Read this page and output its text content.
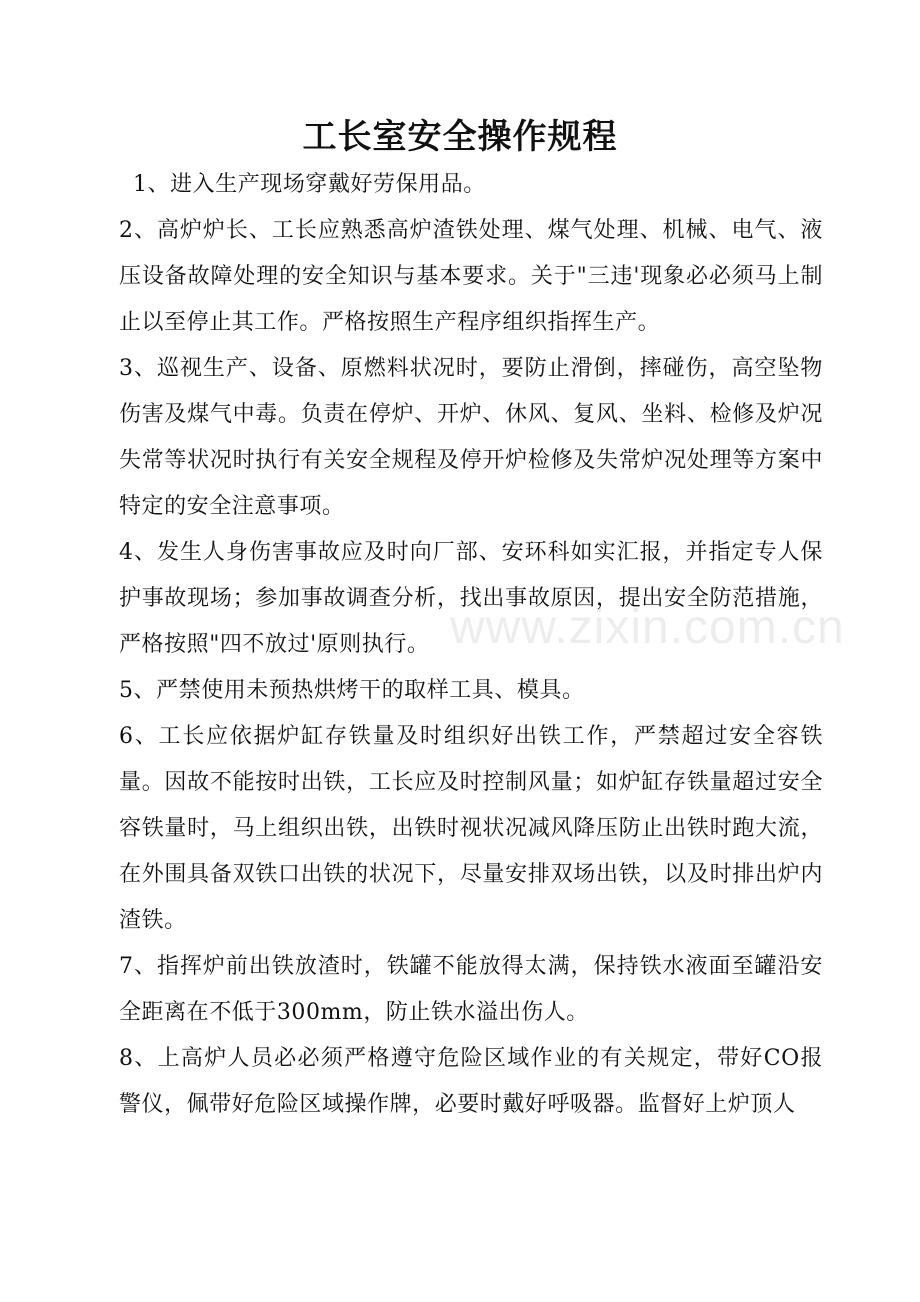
工长室安全操作规程

1、进入生产现场穿戴好劳保用品。

2、高炉炉长、工长应熟悉高炉渣铁处理、煤气处理、机械、电气、液压设备故障处理的安全知识与基本要求。关于"三违'现象必必须马上制止以至停止其工作。严格按照生产程序组织指挥生产。

3、巡视生产、设备、原燃料状况时，要防止滑倒，摔碰伤，高空坠物伤害及煤气中毒。负责在停炉、开炉、休风、复风、坐料、检修及炉况失常等状况时执行有关安全规程及停开炉检修及失常炉况处理等方案中特定的安全注意事项。

4、发生人身伤害事故应及时向厂部、安环科如实汇报，并指定专人保护事故现场；参加事故调查分析，找出事故原因，提出安全防范措施，严格按照"四不放过'原则执行。

5、严禁使用未预热烘烤干的取样工具、模具。

6、工长应依据炉缸存铁量及时组织好出铁工作，严禁超过安全容铁量。因故不能按时出铁，工长应及时控制风量；如炉缸存铁量超过安全容铁量时，马上组织出铁，出铁时视状况减风降压防止出铁时跑大流，在外围具备双铁口出铁的状况下，尽量安排双场出铁，以及时排出炉内渣铁。

7、指挥炉前出铁放渣时，铁罐不能放得太满，保持铁水液面至罐沿安全距离在不低于300mm，防止铁水溢出伤人。

8、上高炉人员必必须严格遵守危险区域作业的有关规定，带好CO报警仪，佩带好危险区域操作牌，必要时戴好呼吸器。监督好上炉顶人

www.zixin.com.cn
